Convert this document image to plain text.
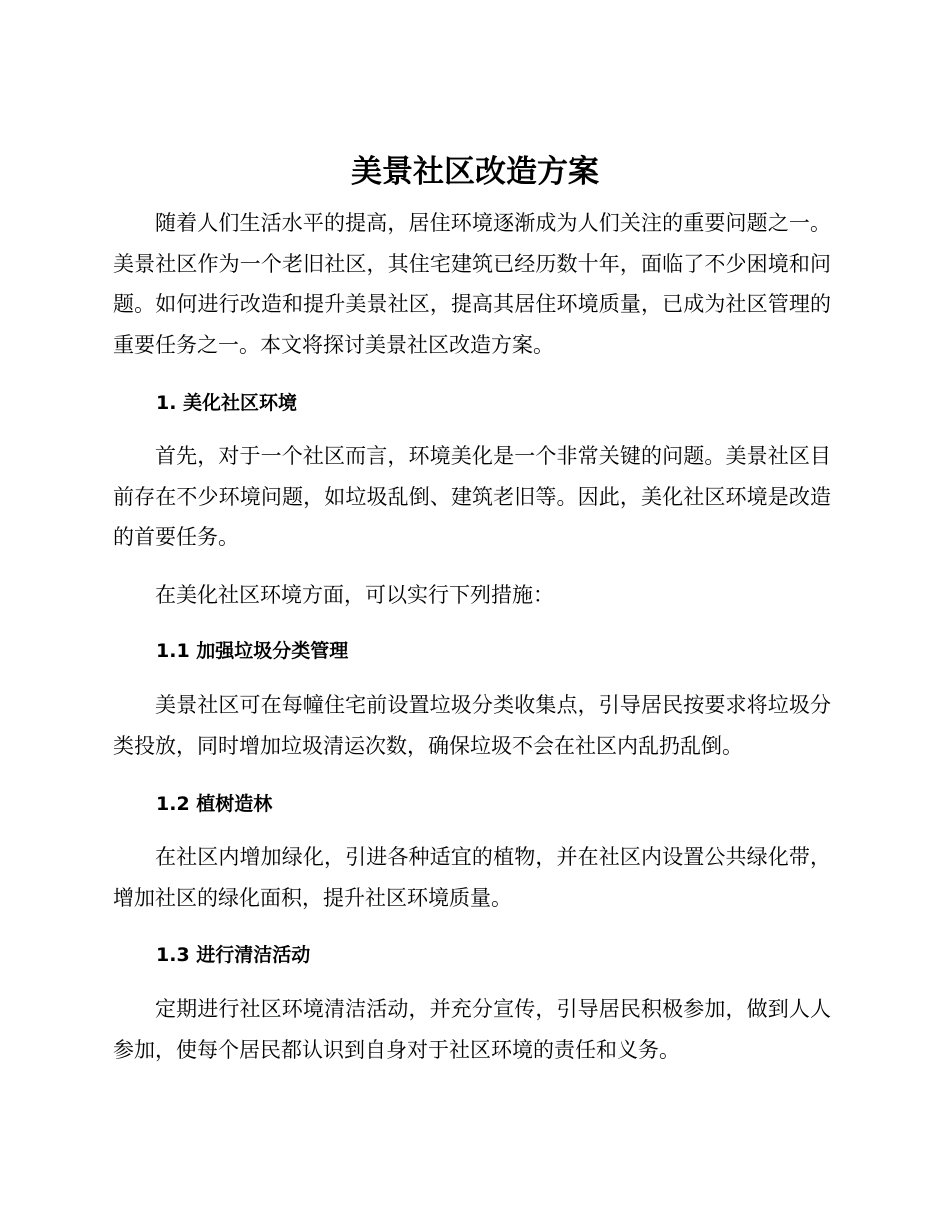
美景社区改造方案

随着人们生活水平的提高，居住环境逐渐成为人们关注的重要问题之一。美景社区作为一个老旧社区，其住宅建筑已经历数十年，面临了不少困境和问题。如何进行改造和提升美景社区，提高其居住环境质量，已成为社区管理的重要任务之一。本文将探讨美景社区改造方案。

1. 美化社区环境

首先，对于一个社区而言，环境美化是一个非常关键的问题。美景社区目前存在不少环境问题，如垃圾乱倒、建筑老旧等。因此，美化社区环境是改造的首要任务。

在美化社区环境方面，可以实行下列措施：

1.1 加强垃圾分类管理

美景社区可在每幢住宅前设置垃圾分类收集点，引导居民按要求将垃圾分类投放，同时增加垃圾清运次数，确保垃圾不会在社区内乱扔乱倒。

1.2 植树造林

在社区内增加绿化，引进各种适宜的植物，并在社区内设置公共绿化带，增加社区的绿化面积，提升社区环境质量。

1.3 进行清洁活动

定期进行社区环境清洁活动，并充分宣传，引导居民积极参加，做到人人参加，使每个居民都认识到自身对于社区环境的责任和义务。
